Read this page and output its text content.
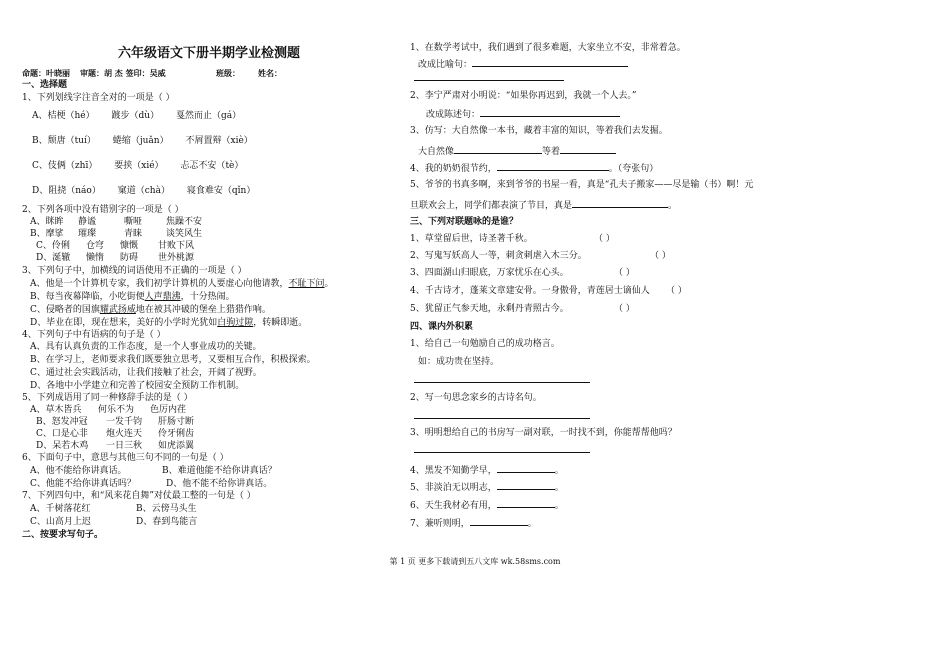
六年级语文下册半期学业检测题
命题：叶晓丽 审题：胡 杰 签印：吴威	班级： 姓名：
一、选择题
1、下列划线字注音全对的一项是（ ）
A、桔梗（hé） 踱步（dù） 戛然而止（gá）
B、颓唐（tuí） 蜷缩（juǎn） 不屑置辩（xiè）
C、伎俩（zhī） 要挟（xié） 忐忑不安（tè）
D、阻挠（náo） 窠道（chà） 寝食难安（qǐn）
2、下列各项中没有错别字的一项是（ ）
A、眯眸 静谧	嘶哑	焦躁不安
B、摩挲 璀璨	青睐	谈笑风生
C、伶俐 仓穹 慷慨 甘败下风
D、涎辙 懒惰 防碍 世外桃源
3、下列句子中，加横线的词语使用不正确的一项是（ ）
A、他是一个计算机专家，我们初学计算机的人要虚心向他请教，不耻下问。
B、每当夜幕降临，小吃街便人声鼎沸，十分热闹。
C、侵略者的国旗耀武扬威地在被其冲破的堡垒上猎猎作响。
D、毕业在即，现在想来，美好的小学时光犹如白驹过隙，转瞬即逝。
4、下列句子中有语病的句子是（ ）
A、具有认真负责的工作态度，是一个人事业成功的关键。
B、在学习上，老师要求我们既要独立思考，又要相互合作，积极探索。
C、通过社会实践活动，让我们接触了社会，开阔了视野。
D、各地中小学建立和完善了校园安全预防工作机制。
5、下列成语用了同一种修辞手法的是（ ）
A、草木皆兵 何乐不为 色厉内荏
B、怒发冲冠 一发千钧 肝肠寸断
C、口是心非 炮火连天 伶牙俐齿
D、呆若木鸡 一日三秋 如虎添翼
6、下面句子中，意思与其他三句不同的一句是（ ）
A、他不能给你讲真话。	B、难道他能不给你讲真话？
C、他能不给你讲真话吗？	D、他不能不给你讲真话。
7、下列四句中，和“风来花自舞”对仗最工整的一句是（ ）
A、千树落花红	B、云傍马头生
C、山高月上迟	D、春到鸟能言
二、按要求写句子。
1、在数学考试中，我们遇到了很多难题，大家坐立不安，非常着急。
改成比喻句：
2、李宁严肃对小明说：“如果你再迟到，我就一个人去。”
改成陈述句：
3、仿写：大自然像一本书，藏着丰富的知识，等着我们去发掘。
大自然像	等着
4、我的奶奶很节约，	。（夸张句）
5、爷爷的书真多啊，来到爷爷的书屋一看，真是“孔夫子搬家——尽是输（书）啊！元
旦联欢会上，同学们都表演了节目，真是	。
三、下列对联题咏的是谁？
1、草堂留后世，诗圣著千秋。	（ ）
2、写鬼写妖高人一等，刺贪刺虐入木三分。	（ ）
3、四面湖山归眼底，万家忧乐在心头。	（ ）
4、千古诗才，蓬莱文章建安骨。一身傲骨，青莲居士谪仙人 （ ）
5、犹留正气参天地，永剩丹青照古今。	（ ）
四、课内外积累
1、给自己一句勉励自己的成功格言。
如：成功贵在坚持。
2、写一句思念家乡的古诗名句。
3、明明想给自己的书房写一副对联，一时找不到，你能帮帮他吗？
4、黑发不知勤学早，	。
5、非淡泊无以明志，	。
6、天生我材必有用，	。
7、兼听则明，	。
第 1 页 更多下载请到五八文库 wk.58sms.com
